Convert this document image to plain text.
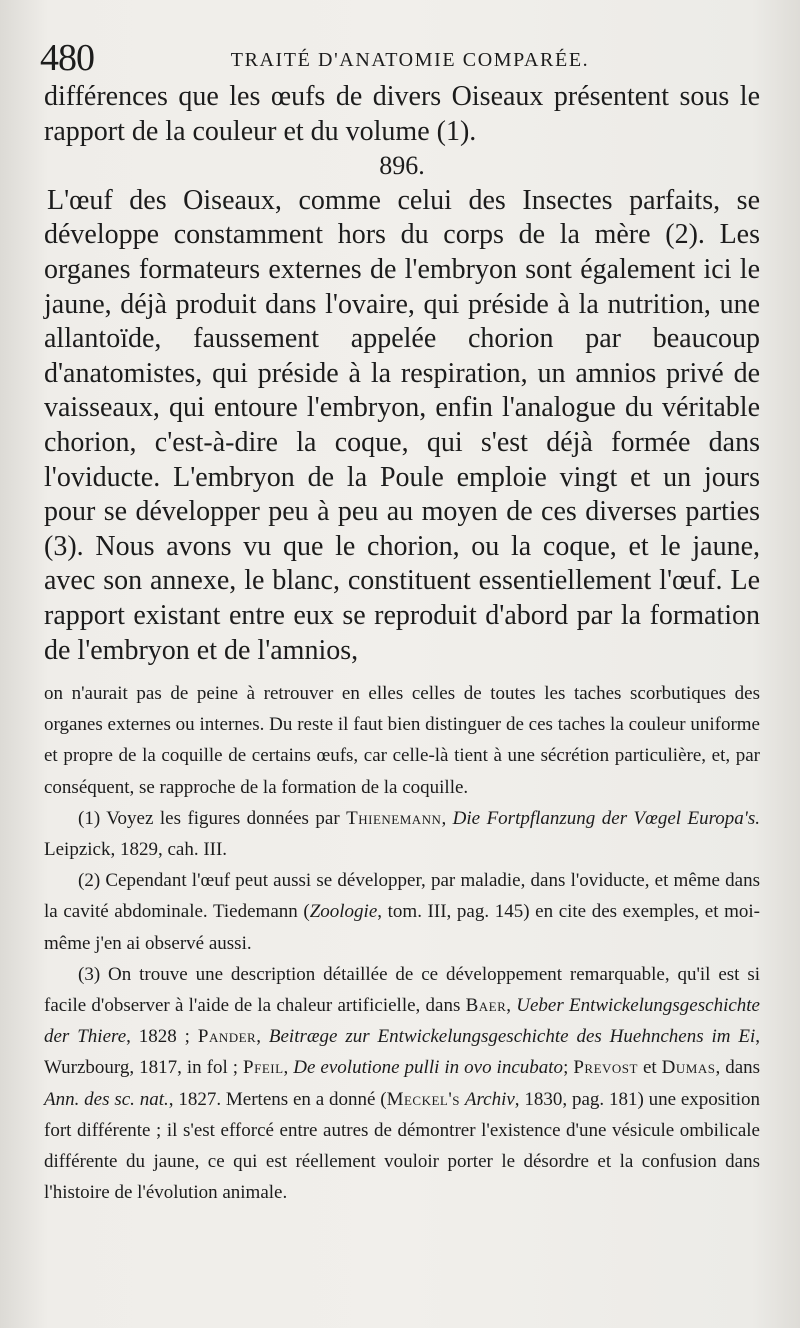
480	TRAITÉ D'ANATOMIE COMPARÉE.

différences que les œufs de divers Oiseaux présentent sous le rapport de la couleur et du volume (1).

896.

L'œuf des Oiseaux, comme celui des Insectes parfaits, se développe constamment hors du corps de la mère (2). Les organes formateurs externes de l'embryon sont également ici le jaune, déjà produit dans l'ovaire, qui préside à la nutrition, une allantoïde, faussement appelée chorion par beaucoup d'anatomistes, qui préside à la respiration, un amnios privé de vaisseaux, qui entoure l'embryon, enfin l'analogue du véritable chorion, c'est-à-dire la coque, qui s'est déjà formée dans l'oviducte. L'embryon de la Poule emploie vingt et un jours pour se développer peu à peu au moyen de ces diverses parties (3). Nous avons vu que le chorion, ou la coque, et le jaune, avec son annexe, le blanc, constituent essentiellement l'œuf. Le rapport existant entre eux se reproduit d'abord par la formation de l'embryon et de l'amnios,

on n'aurait pas de peine à retrouver en elles celles de toutes les taches scorbutiques des organes externes ou internes. Du reste il faut bien distinguer de ces taches la couleur uniforme et propre de la coquille de certains œufs, car celle-là tient à une sécrétion particulière, et, par conséquent, se rapproche de la formation de la coquille.

(1) Voyez les figures données par Thienemann, Die Fortpflanzung der Vœgel Europa's. Leipzick, 1829, cah. III.

(2) Cependant l'œuf peut aussi se développer, par maladie, dans l'oviducte, et même dans la cavité abdominale. Tiedemann (Zoologie, tom. III, pag. 145) en cite des exemples, et moi-même j'en ai observé aussi.

(3) On trouve une description détaillée de ce développement remarquable, qu'il est si facile d'observer à l'aide de la chaleur artificielle, dans Baer, Ueber Entwickelungsgeschichte der Thiere, 1828 ; Pander, Beitræge zur Entwickelungsgeschichte des Huehnchens im Ei, Wurzbourg, 1817, in fol ; Pfeil, De evolutione pulli in ovo incubato; Prevost et Dumas, dans Ann. des sc. nat., 1827. Mertens en a donné (Meckel's Archiv, 1830, pag. 181) une exposition fort différente ; il s'est efforcé entre autres de démontrer l'existence d'une vésicule ombilicale différente du jaune, ce qui est réellement vouloir porter le désordre et la confusion dans l'histoire de l'évolution animale.
